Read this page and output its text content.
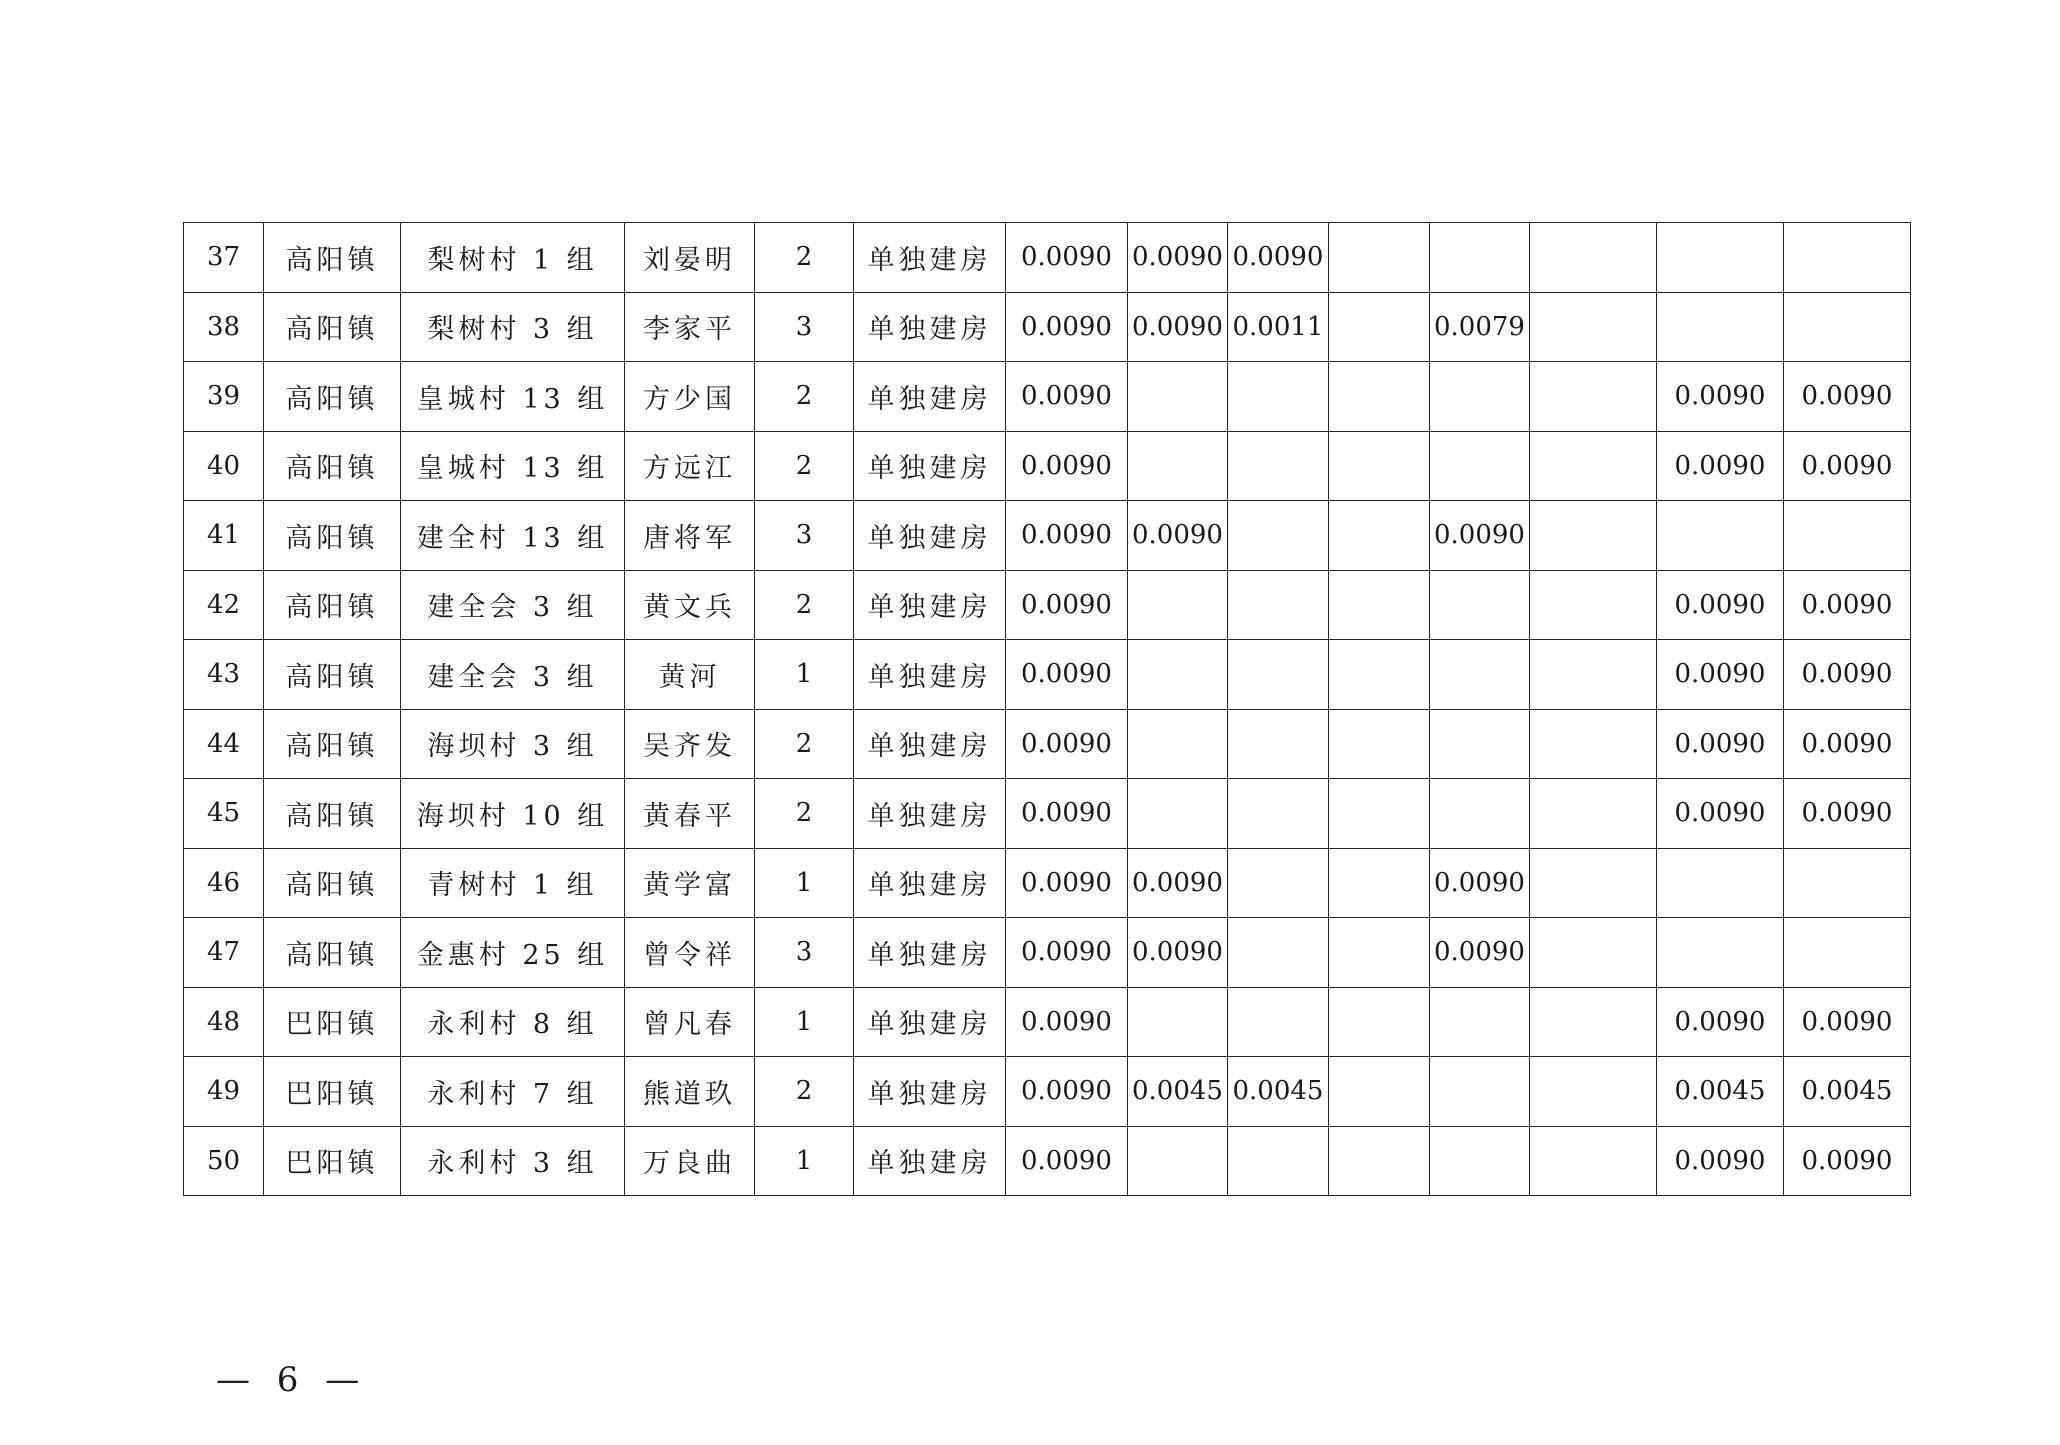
37	高阳镇	梨树村 1 组	刘晏明	2	单独建房	0.0090	0.0090	0.0090					
38	高阳镇	梨树村 3 组	李家平	3	单独建房	0.0090	0.0090	0.0011		0.0079			
39	高阳镇	皇城村 13 组	方少国	2	单独建房	0.0090						0.0090	0.0090
40	高阳镇	皇城村 13 组	方远江	2	单独建房	0.0090						0.0090	0.0090
41	高阳镇	建全村 13 组	唐将军	3	单独建房	0.0090	0.0090			0.0090			
42	高阳镇	建全会 3 组	黄文兵	2	单独建房	0.0090						0.0090	0.0090
43	高阳镇	建全会 3 组	黄河	1	单独建房	0.0090						0.0090	0.0090
44	高阳镇	海坝村 3 组	吴齐发	2	单独建房	0.0090						0.0090	0.0090
45	高阳镇	海坝村 10 组	黄春平	2	单独建房	0.0090						0.0090	0.0090
46	高阳镇	青树村 1 组	黄学富	1	单独建房	0.0090	0.0090			0.0090			
47	高阳镇	金惠村 25 组	曾令祥	3	单独建房	0.0090	0.0090			0.0090			
48	巴阳镇	永利村 8 组	曾凡春	1	单独建房	0.0090						0.0090	0.0090
49	巴阳镇	永利村 7 组	熊道玖	2	单独建房	0.0090	0.0045	0.0045				0.0045	0.0045
50	巴阳镇	永利村 3 组	万良曲	1	单独建房	0.0090						0.0090	0.0090
— 6 —
